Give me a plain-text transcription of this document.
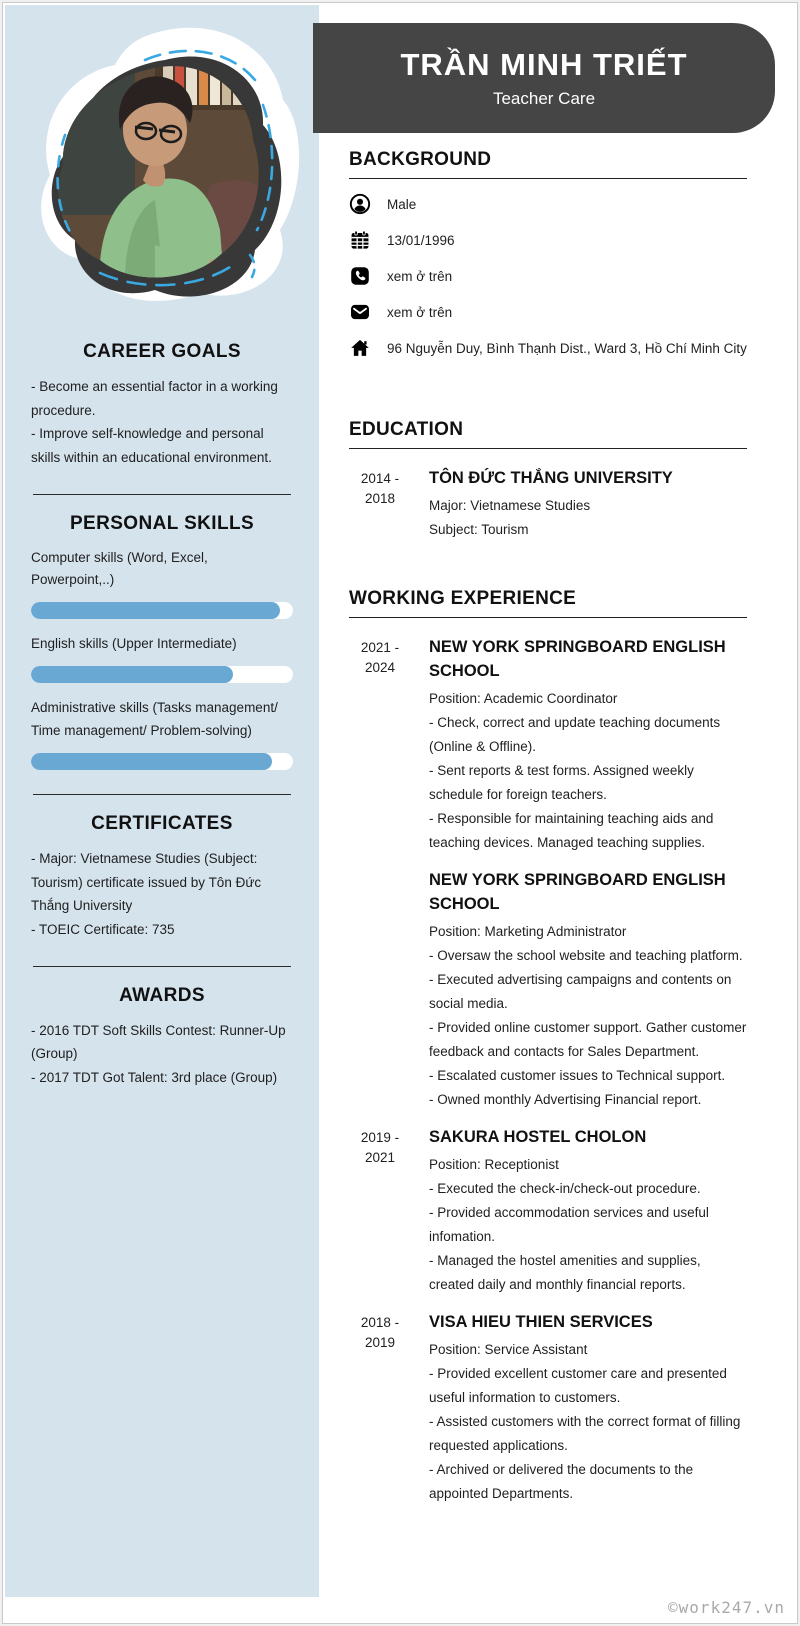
CAREER GOALS
- Become an essential factor in a working procedure.
- Improve self-knowledge and personal skills within an educational environment.
PERSONAL SKILLS
Computer skills (Word, Excel, Powerpoint,..)
English skills (Upper Intermediate)
Administrative skills (Tasks management/ Time management/ Problem-solving)
CERTIFICATES
- Major: Vietnamese Studies (Subject: Tourism) certificate issued by Tôn Đức Thắng University
- TOEIC Certificate: 735
AWARDS
- 2016 TDT Soft Skills Contest: Runner-Up (Group)
- 2017 TDT Got Talent: 3rd place (Group)
TRẦN MINH TRIẾT
Teacher Care
BACKGROUND
Male
13/01/1996
xem ở trên
xem ở trên
96 Nguyễn Duy, Bình Thạnh Dist., Ward 3, Hồ Chí Minh City
EDUCATION
2014 - 2018
TÔN ĐỨC THẮNG UNIVERSITY
Major: Vietnamese Studies
Subject: Tourism
WORKING EXPERIENCE
2021 - 2024
NEW YORK SPRINGBOARD ENGLISH SCHOOL
Position: Academic Coordinator
- Check, correct and update teaching documents (Online & Offline).
- Sent reports & test forms. Assigned weekly schedule for foreign teachers.
- Responsible for maintaining teaching aids and teaching devices. Managed teaching supplies.
NEW YORK SPRINGBOARD ENGLISH SCHOOL
Position: Marketing Administrator
- Oversaw the school website and teaching platform.
- Executed advertising campaigns and contents on social media.
- Provided online customer support. Gather customer feedback and contacts for Sales Department.
- Escalated customer issues to Technical support.
- Owned monthly Advertising Financial report.
2019 - 2021
SAKURA HOSTEL CHOLON
Position: Receptionist
- Executed the check-in/check-out procedure.
- Provided accommodation services and useful infomation.
- Managed the hostel amenities and supplies, created daily and monthly financial reports.
2018 - 2019
VISA HIEU THIEN SERVICES
Position: Service Assistant
- Provided excellent customer care and presented useful information to customers.
- Assisted customers with the correct format of filling requested applications.
- Archived or delivered the documents to the appointed Departments.
©work247.vn
